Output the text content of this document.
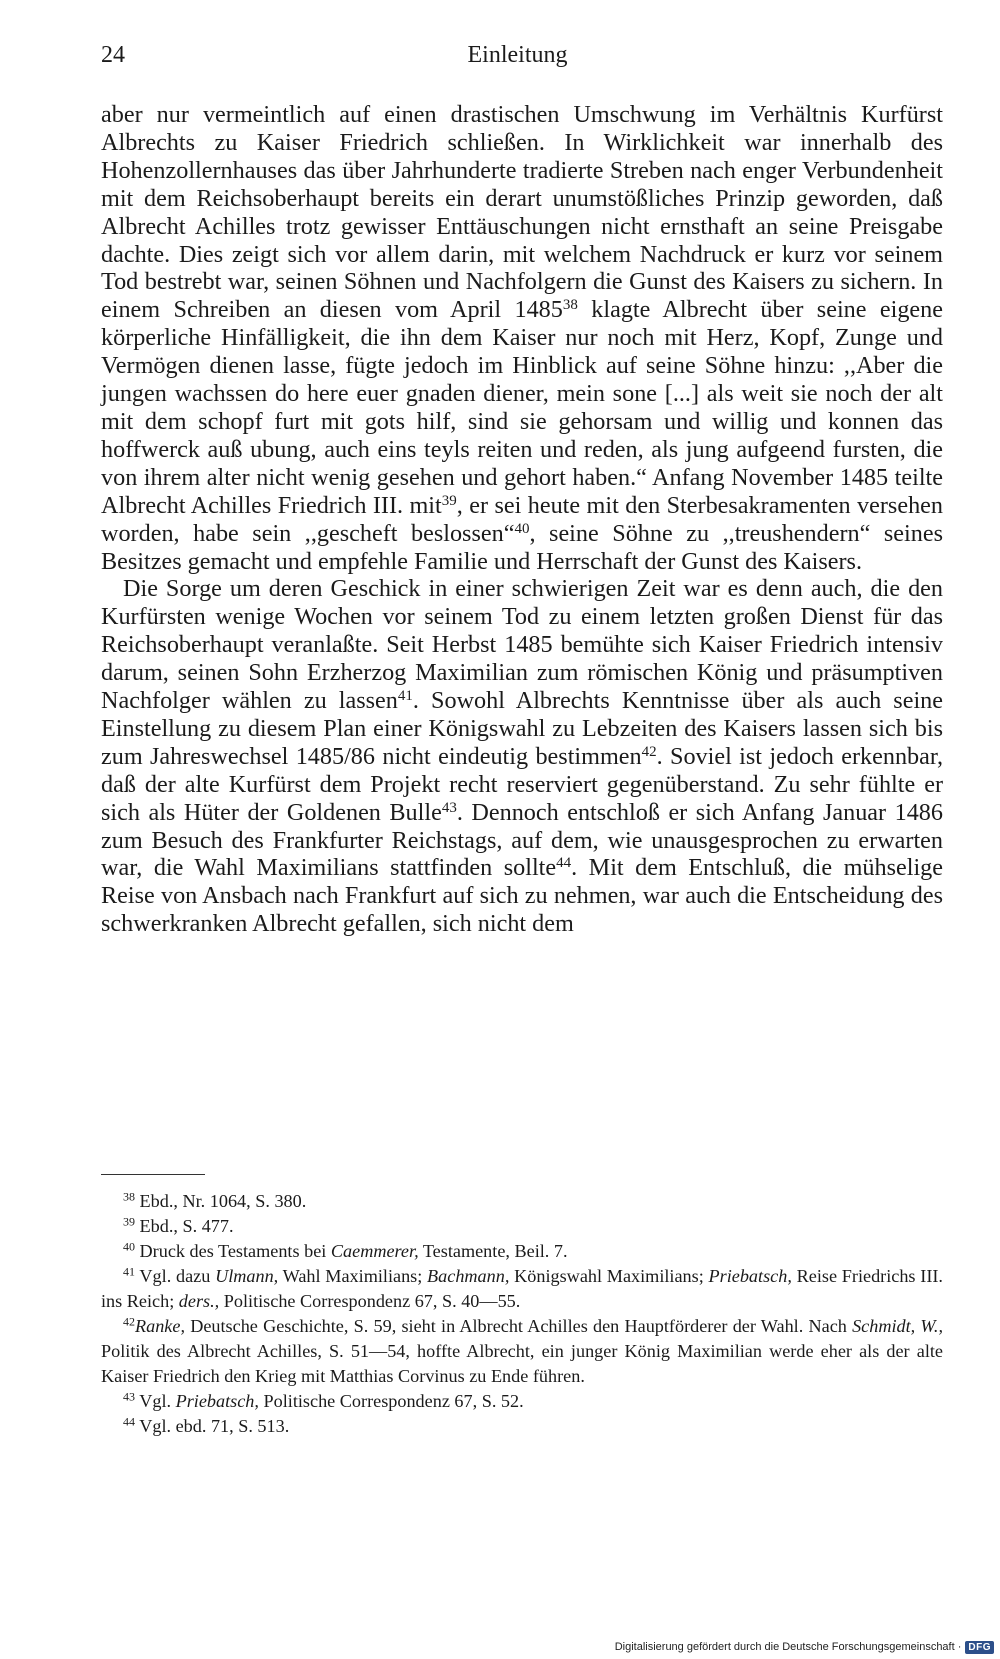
24	Einleitung

aber nur vermeintlich auf einen drastischen Umschwung im Verhältnis Kurfürst Albrechts zu Kaiser Friedrich schließen. In Wirklichkeit war innerhalb des Hohenzollernhauses das über Jahrhunderte tradierte Streben nach enger Verbundenheit mit dem Reichsoberhaupt bereits ein derart unumstößliches Prinzip geworden, daß Albrecht Achilles trotz gewisser Enttäuschungen nicht ernsthaft an seine Preisgabe dachte. Dies zeigt sich vor allem darin, mit welchem Nachdruck er kurz vor seinem Tod bestrebt war, seinen Söhnen und Nachfolgern die Gunst des Kaisers zu sichern. In einem Schreiben an diesen vom April 1485$^{38}$ klagte Albrecht über seine eigene körperliche Hinfälligkeit, die ihn dem Kaiser nur noch mit Herz, Kopf, Zunge und Vermögen dienen lasse, fügte jedoch im Hinblick auf seine Söhne hinzu: ,,Aber die jungen wachssen do here euer gnaden diener, mein sone [...] als weit sie noch der alt mit dem schopf furt mit gots hilf, sind sie gehorsam und willig und konnen das hoffwerck auß ubung, auch eins teyls reiten und reden, als jung aufgeend fursten, die von ihrem alter nicht wenig gesehen und gehort haben.“ Anfang November 1485 teilte Albrecht Achilles Friedrich III. mit$^{39}$, er sei heute mit den Sterbesakramenten versehen worden, habe sein ,,gescheft beslossen“$^{40}$, seine Söhne zu ,,treushendern“ seines Besitzes gemacht und empfehle Familie und Herrschaft der Gunst des Kaisers.

Die Sorge um deren Geschick in einer schwierigen Zeit war es denn auch, die den Kurfürsten wenige Wochen vor seinem Tod zu einem letzten großen Dienst für das Reichsoberhaupt veranlaßte. Seit Herbst 1485 bemühte sich Kaiser Friedrich intensiv darum, seinen Sohn Erzherzog Maximilian zum römischen König und präsumptiven Nachfolger wählen zu lassen$^{41}$. Sowohl Albrechts Kenntnisse über als auch seine Einstellung zu diesem Plan einer Königswahl zu Lebzeiten des Kaisers lassen sich bis zum Jahreswechsel 1485/86 nicht eindeutig bestimmen$^{42}$. Soviel ist jedoch erkennbar, daß der alte Kurfürst dem Projekt recht reserviert gegenüberstand. Zu sehr fühlte er sich als Hüter der Goldenen Bulle$^{43}$. Dennoch entschloß er sich Anfang Januar 1486 zum Besuch des Frankfurter Reichstags, auf dem, wie unausgesprochen zu erwarten war, die Wahl Maximilians stattfinden sollte$^{44}$. Mit dem Entschluß, die mühselige Reise von Ansbach nach Frankfurt auf sich zu nehmen, war auch die Entscheidung des schwerkranken Albrecht gefallen, sich nicht dem

$^{38}$ Ebd., Nr. 1064, S. 380.
$^{39}$ Ebd., S. 477.
$^{40}$ Druck des Testaments bei Caemmerer, Testamente, Beil. 7.
$^{41}$ Vgl. dazu Ulmann, Wahl Maximilians; Bachmann, Königswahl Maximilians; Priebatsch, Reise Friedrichs III. ins Reich; ders., Politische Correspondenz 67, S. 40—55.
$^{42}$Ranke, Deutsche Geschichte, S. 59, sieht in Albrecht Achilles den Hauptförderer der Wahl. Nach Schmidt, W., Politik des Albrecht Achilles, S. 51—54, hoffte Albrecht, ein junger König Maximilian werde eher als der alte Kaiser Friedrich den Krieg mit Matthias Corvinus zu Ende führen.
$^{43}$ Vgl. Priebatsch, Politische Correspondenz 67, S. 52.
$^{44}$ Vgl. ebd. 71, S. 513.
Digitalisierung gefördert durch die Deutsche Forschungsgemeinschaft · DFG
